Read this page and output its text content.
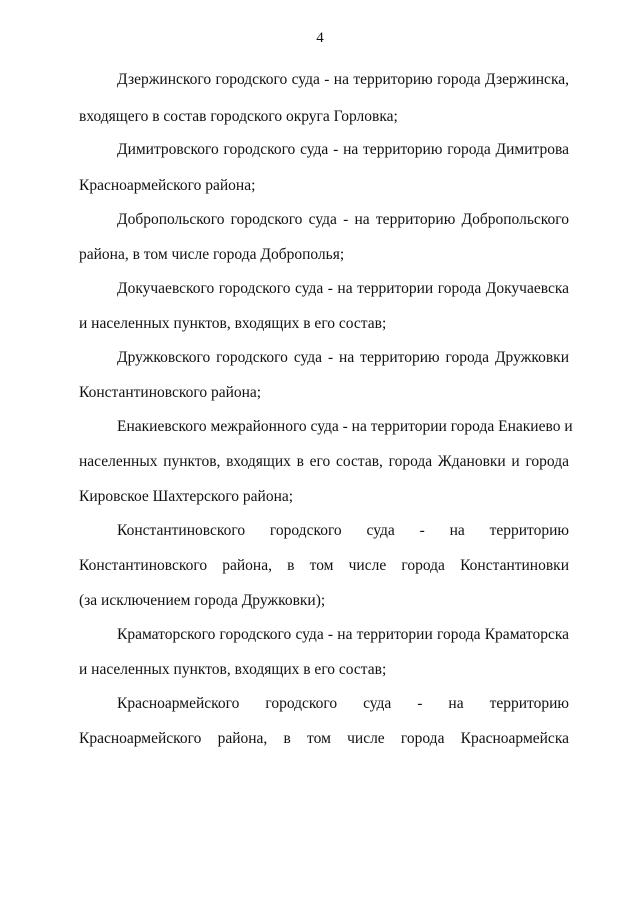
4
Дзержинского городского суда - на территорию города Дзержинска,
входящего в состав городского округа Горловка;
Димитровского городского суда - на территорию города Димитрова
Красноармейского района;
Добропольского городского суда - на территорию Добропольского
района, в том числе города Доброполья;
Докучаевского городского суда - на территории города Докучаевска
и населенных пунктов, входящих в его состав;
Дружковского городского суда - на территорию города Дружковки
Константиновского района;
Енакиевского межрайонного суда - на территории города Енакиево и
населенных пунктов, входящих в его состав, города Ждановки и города
Кировское Шахтерского района;
Константиновского городского суда - на территорию
Константиновского района, в том числе города Константиновки
(за исключением города Дружковки);
Краматорского городского суда - на территории города Краматорска
и населенных пунктов, входящих в его состав;
Красноармейского городского суда - на территорию
Красноармейского района, в том числе города Красноармейска
